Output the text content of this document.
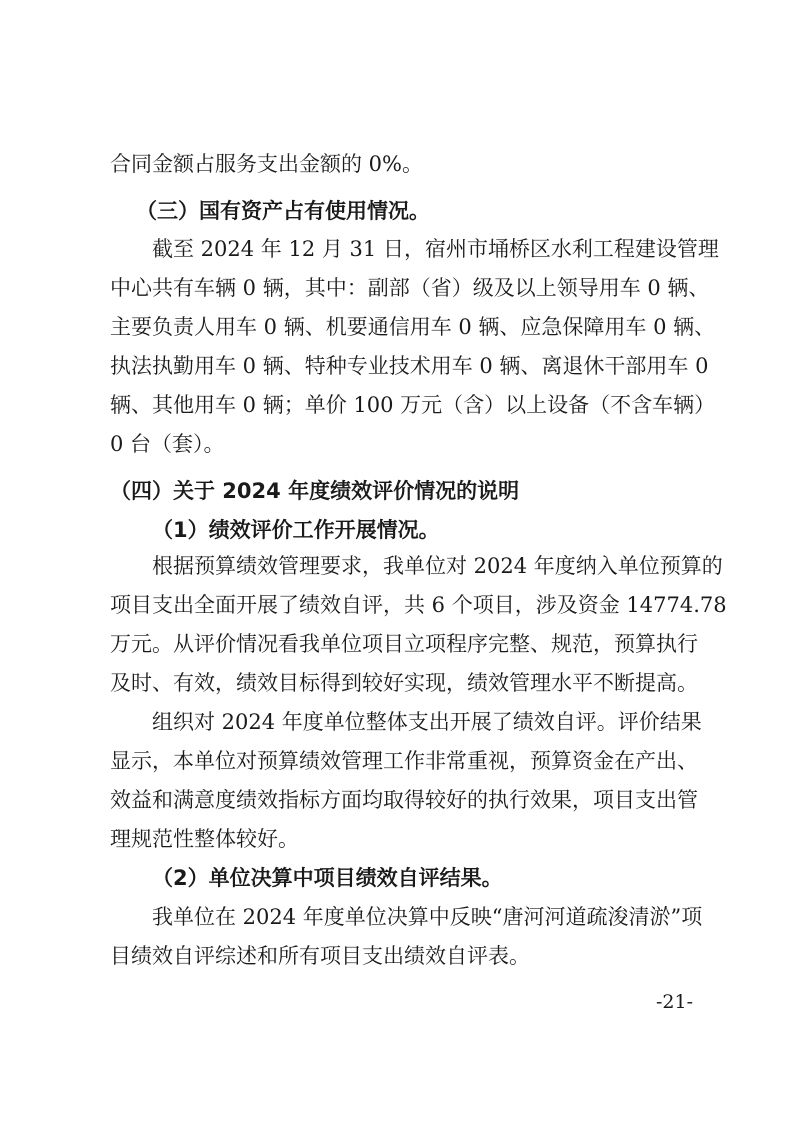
合同金额占服务支出金额的 0%。
（三）国有资产占有使用情况。
截至 2024 年 12 月 31 日，宿州市埇桥区水利工程建设管理
中心共有车辆 0 辆，其中：副部（省）级及以上领导用车 0 辆、
主要负责人用车 0 辆、机要通信用车 0 辆、应急保障用车 0 辆、
执法执勤用车 0 辆、特种专业技术用车 0 辆、离退休干部用车 0
辆、其他用车 0 辆；单价 100 万元（含）以上设备（不含车辆）
0 台（套）。
（四）关于 2024 年度绩效评价情况的说明
（1）绩效评价工作开展情况。
根据预算绩效管理要求，我单位对 2024 年度纳入单位预算的
项目支出全面开展了绩效自评，共 6 个项目，涉及资金 14774.78
万元。从评价情况看我单位项目立项程序完整、规范，预算执行
及时、有效，绩效目标得到较好实现，绩效管理水平不断提高。
组织对 2024 年度单位整体支出开展了绩效自评。评价结果
显示，本单位对预算绩效管理工作非常重视，预算资金在产出、
效益和满意度绩效指标方面均取得较好的执行效果，项目支出管
理规范性整体较好。
（2）单位决算中项目绩效自评结果。
我单位在 2024 年度单位决算中反映“唐河河道疏浚清淤”项
目绩效自评综述和所有项目支出绩效自评表。
-21-
